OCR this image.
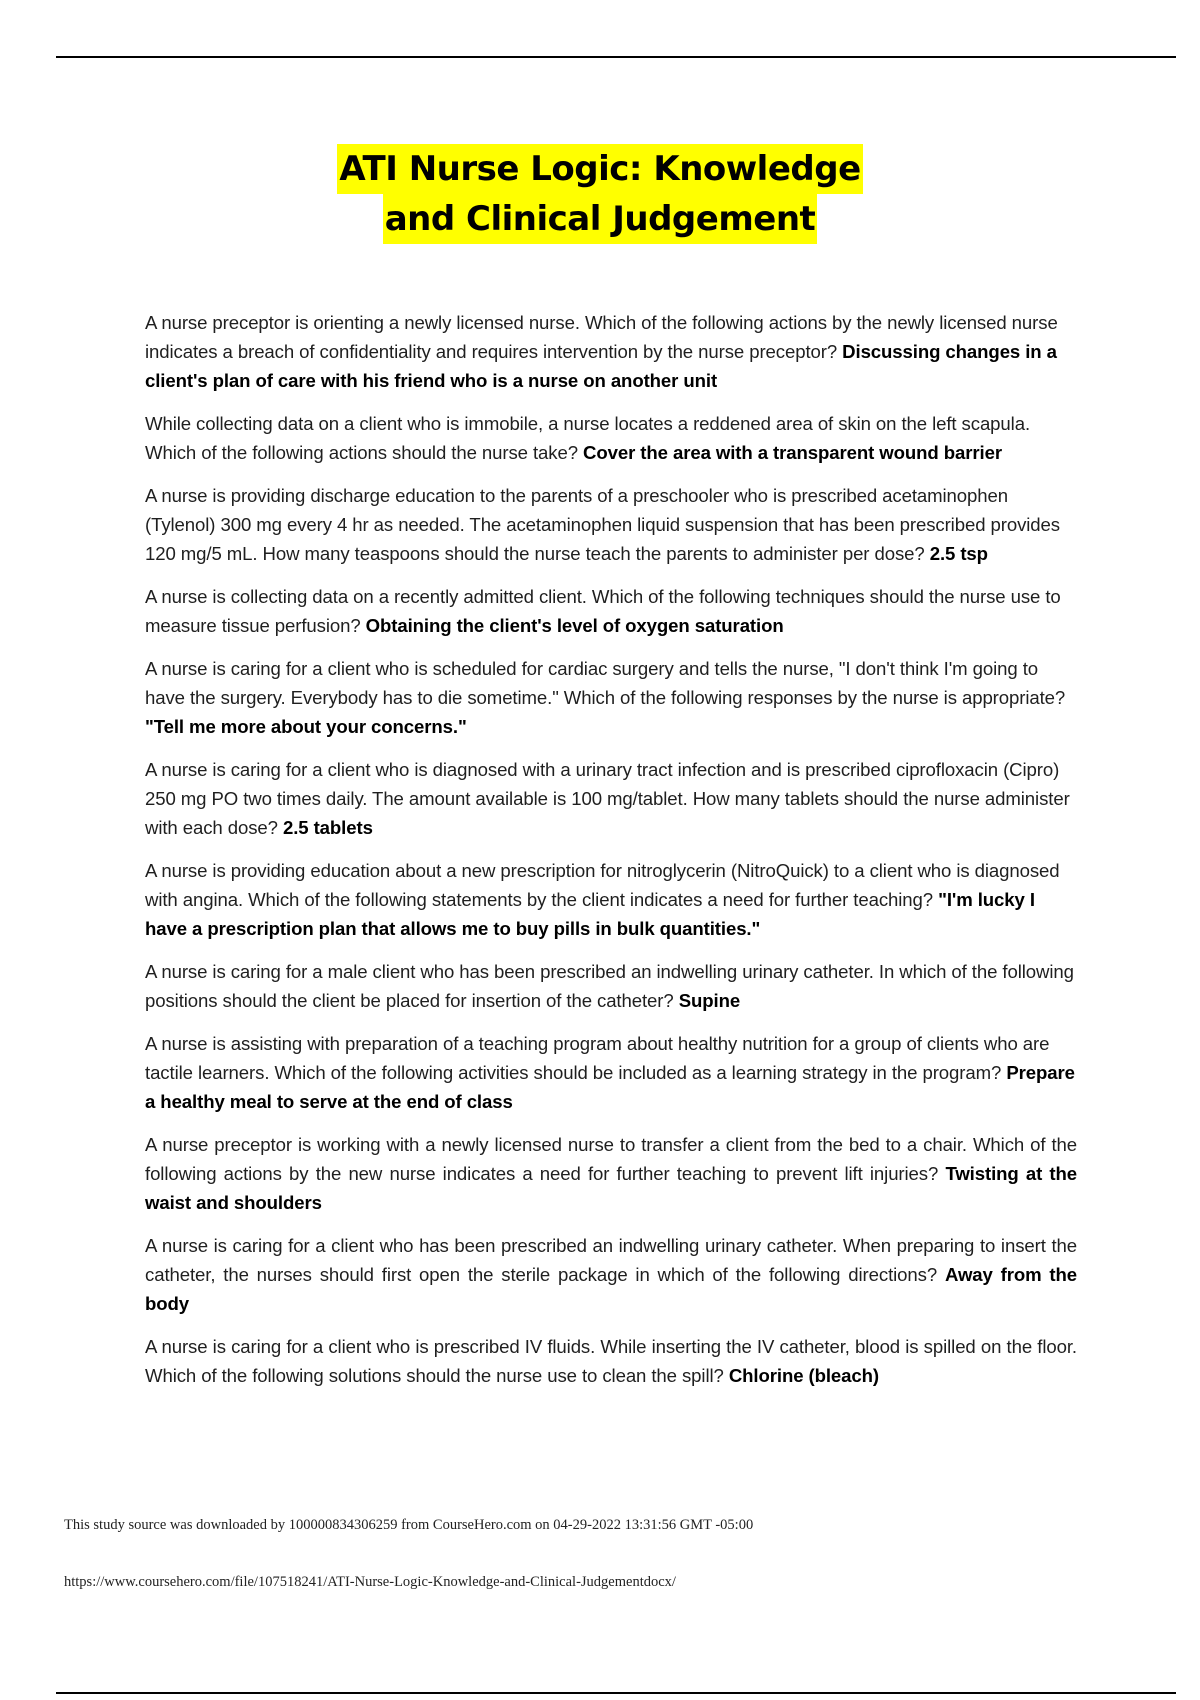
ATI Nurse Logic: Knowledge
and Clinical Judgement

A nurse preceptor is orienting a newly licensed nurse. Which of the following actions by the newly licensed nurse indicates a breach of confidentiality and requires intervention by the nurse preceptor? Discussing changes in a client's plan of care with his friend who is a nurse on another unit

While collecting data on a client who is immobile, a nurse locates a reddened area of skin on the left scapula. Which of the following actions should the nurse take? Cover the area with a transparent wound barrier

A nurse is providing discharge education to the parents of a preschooler who is prescribed acetaminophen (Tylenol) 300 mg every 4 hr as needed. The acetaminophen liquid suspension that has been prescribed provides 120 mg/5 mL. How many teaspoons should the nurse teach the parents to administer per dose? 2.5 tsp

A nurse is collecting data on a recently admitted client. Which of the following techniques should the nurse use to measure tissue perfusion? Obtaining the client's level of oxygen saturation

A nurse is caring for a client who is scheduled for cardiac surgery and tells the nurse, "I don't think I'm going to have the surgery. Everybody has to die sometime." Which of the following responses by the nurse is appropriate? "Tell me more about your concerns."

A nurse is caring for a client who is diagnosed with a urinary tract infection and is prescribed ciprofloxacin (Cipro) 250 mg PO two times daily. The amount available is 100 mg/tablet. How many tablets should the nurse administer with each dose? 2.5 tablets

A nurse is providing education about a new prescription for nitroglycerin (NitroQuick) to a client who is diagnosed with angina. Which of the following statements by the client indicates a need for further teaching? "I'm lucky I have a prescription plan that allows me to buy pills in bulk quantities."

A nurse is caring for a male client who has been prescribed an indwelling urinary catheter. In which of the following positions should the client be placed for insertion of the catheter? Supine

A nurse is assisting with preparation of a teaching program about healthy nutrition for a group of clients who are tactile learners. Which of the following activities should be included as a learning strategy in the program? Prepare a healthy meal to serve at the end of class

A nurse preceptor is working with a newly licensed nurse to transfer a client from the bed to a chair. Which of the following actions by the new nurse indicates a need for further teaching to prevent lift injuries? Twisting at the waist and shoulders

A nurse is caring for a client who has been prescribed an indwelling urinary catheter. When preparing to insert the catheter, the nurses should first open the sterile package in which of the following directions? Away from the body

A nurse is caring for a client who is prescribed IV fluids. While inserting the IV catheter, blood is spilled on the floor. Which of the following solutions should the nurse use to clean the spill? Chlorine (bleach)

This study source was downloaded by 100000834306259 from CourseHero.com on 04-29-2022 13:31:56 GMT -05:00
https://www.coursehero.com/file/107518241/ATI-Nurse-Logic-Knowledge-and-Clinical-Judgementdocx/
